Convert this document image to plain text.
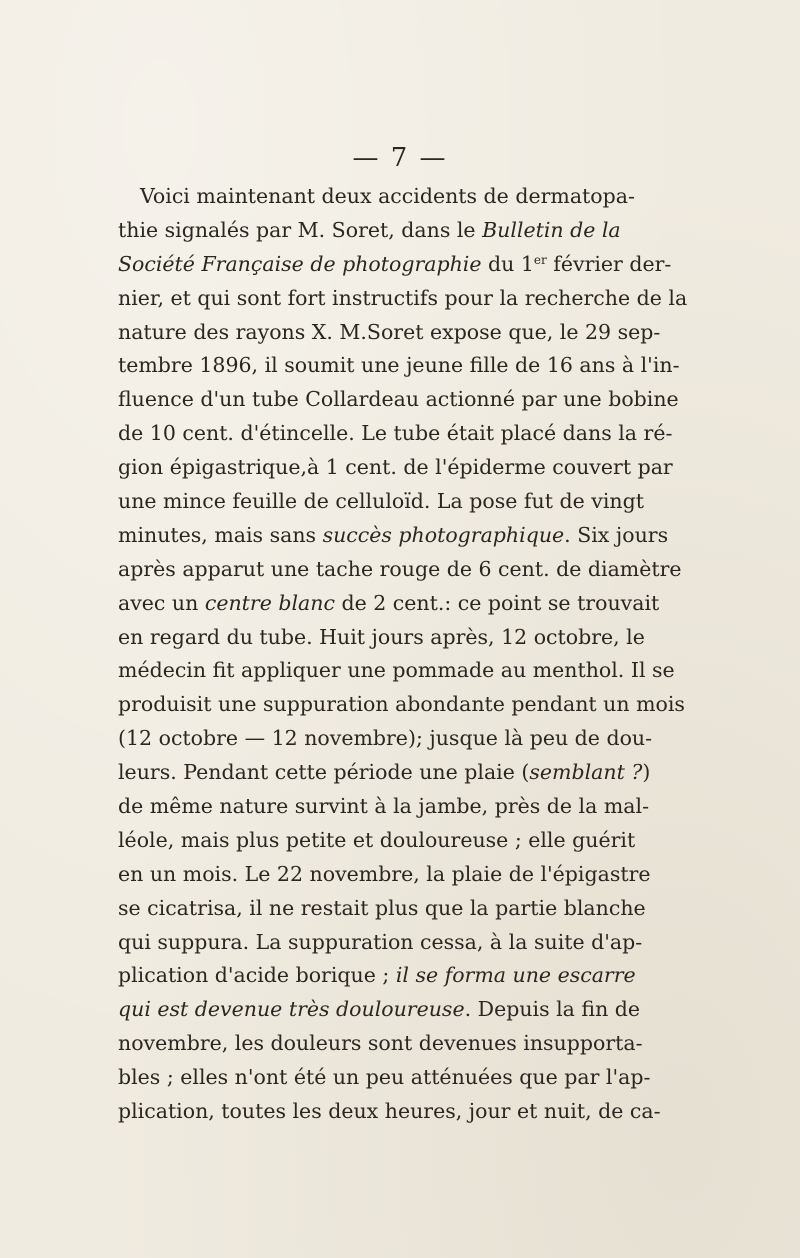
— 7 —
Voici maintenant deux accidents de dermatopa-
thie signalés par M. Soret, dans le Bulletin de la
Société Française de photographie du 1er février der-
nier, et qui sont fort instructifs pour la recherche de la
nature des rayons X. M.Soret expose que, le 29 sep-
tembre 1896, il soumit une jeune fille de 16 ans à l'in-
fluence d'un tube Collardeau actionné par une bobine
de 10 cent. d'étincelle. Le tube était placé dans la ré-
gion épigastrique,à 1 cent. de l'épiderme couvert par
une mince feuille de celluloïd. La pose fut de vingt
minutes, mais sans succès photographique. Six jours
après apparut une tache rouge de 6 cent. de diamètre
avec un centre blanc de 2 cent.: ce point se trouvait
en regard du tube. Huit jours après, 12 octobre, le
médecin fit appliquer une pommade au menthol. Il se
produisit une suppuration abondante pendant un mois
(12 octobre — 12 novembre); jusque là peu de dou-
leurs. Pendant cette période une plaie (semblant ?)
de même nature survint à la jambe, près de la mal-
léole, mais plus petite et douloureuse ; elle guérit
en un mois. Le 22 novembre, la plaie de l'épigastre
se cicatrisa, il ne restait plus que la partie blanche
qui suppura. La suppuration cessa, à la suite d'ap-
plication d'acide borique ; il se forma une escarre
qui est devenue très douloureuse. Depuis la fin de
novembre, les douleurs sont devenues insupporta-
bles ; elles n'ont été un peu atténuées que par l'ap-
plication, toutes les deux heures, jour et nuit, de ca-
